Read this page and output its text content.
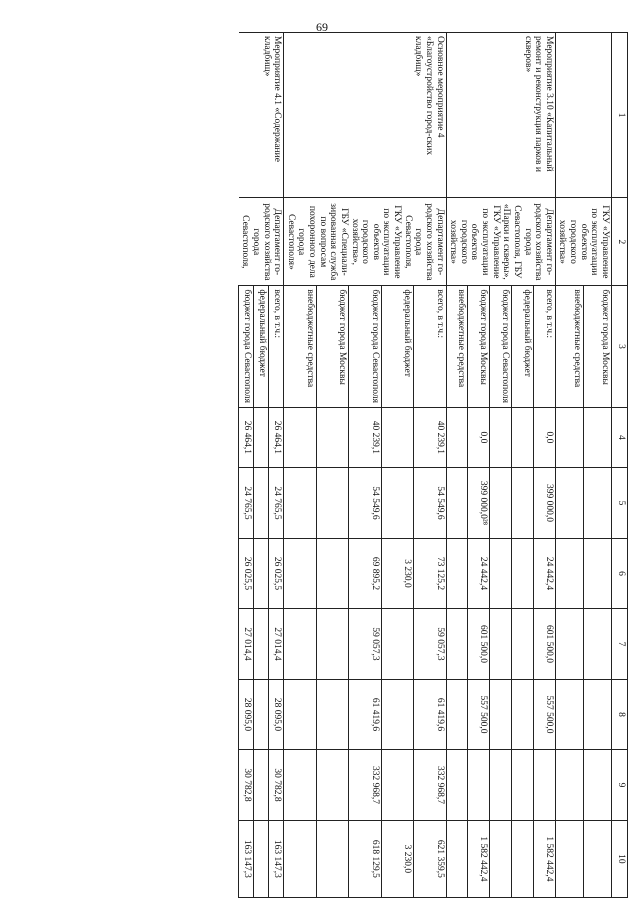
69
1	2	3	4	5	6	7	8	9	10

	ГКУ «Управление по эксплуатации объектов городского хозяйства»	бюджет города Москвы							
		внебюджетные средства							
Мероприятие 3.10 «Капитальный ремонт и реконструкция парков и скверов»	Департамент го-родского хозяйства города Севастополя, ГБУ «Парки и скверы», ГКУ «Управление по эксплуатации объектов городского хозяйства»	всего, в т.ч.:	0,0	399 000,0	24 442,4	601 500,0	557 500,0		1 582 442,4
		федеральный бюджет							
		бюджет города Севастополя							
		бюджет города Москвы	0,0	399 000,0²⁸	24 442,4	601 500,0	557 500,0		1 582 442,4
		внебюджетные средства							
Основное мероприятие 4 «Благоустройство город-ских кладбищ»	Департамент го-родского хозяйства города Севастополя,
ГКУ «Управление по эксплуатации объектов городского хозяйства»,
ГБУ «Специали-зированная служба по вопросам похоронного дела города Севастополя»	всего, в т.ч.:	40 239,1	54 549,6	73 125,2	59 057,3	61 419,6	332 968,7	621 359,5
		федеральный бюджет			3 230,0				3 230,0
		бюджет города Севастополя	40 239,1	54 549,6	69 895,2	59 057,3	61 419,6	332 968,7	618 129,5
		бюджет города Москвы							
		внебюджетные средства							
Мероприятие 4.1 «Содержание кладбищ»	Департамент го-родского хозяйства города Севастополя,	всего, в т.ч.:	26 464,1	24 765,5	26 025,5	27 014,4	28 095,0	30 782,8	163 147,3
		федеральный бюджет							
		бюджет города Севастополя	26 464,1	24 765,5	26 025,5	27 014,4	28 095,0	30 782,8	163 147,3
